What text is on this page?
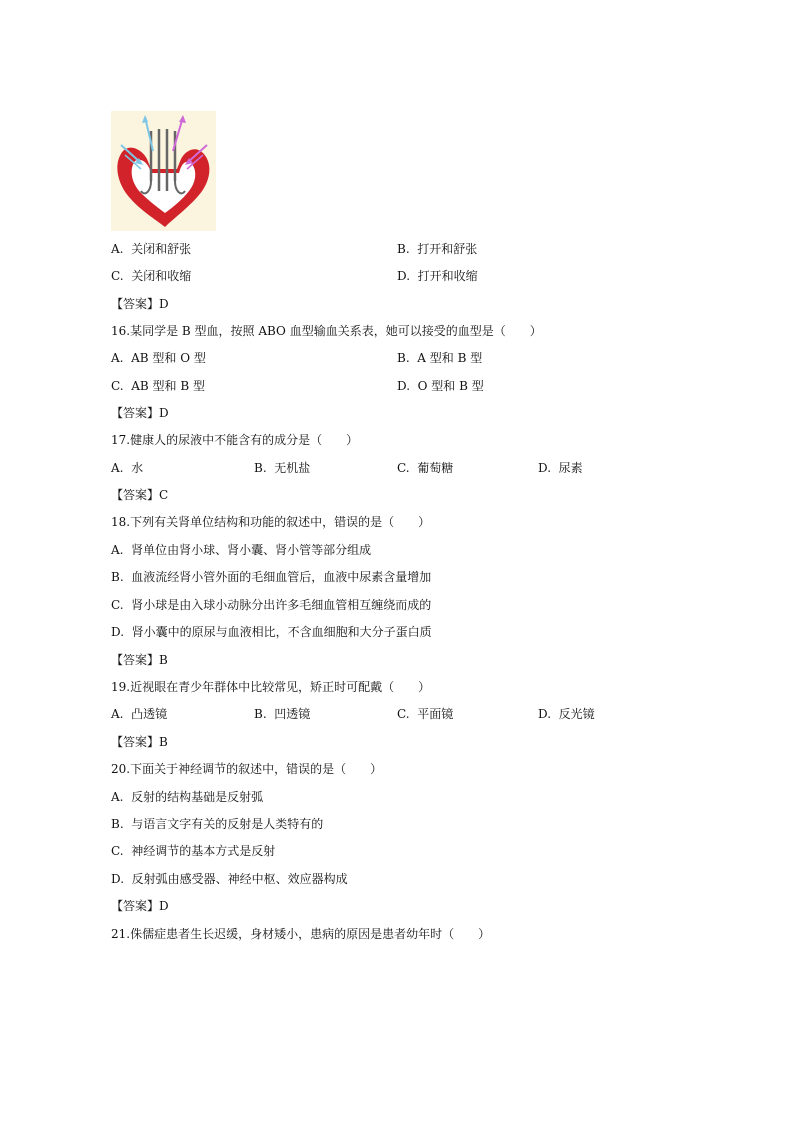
A. 关闭和舒张	B. 打开和舒张
C. 关闭和收缩	D. 打开和收缩
【答案】D
16.某同学是 B 型血，按照 ABO 血型输血关系表，她可以接受的血型是（　　）
A. AB 型和 O 型	B. A 型和 B 型
C. AB 型和 B 型	D. O 型和 B 型
【答案】D
17.健康人的尿液中不能含有的成分是（　　）
A. 水	B. 无机盐	C. 葡萄糖	D. 尿素
【答案】C
18.下列有关肾单位结构和功能的叙述中，错误的是（　　）
A. 肾单位由肾小球、肾小囊、肾小管等部分组成
B. 血液流经肾小管外面的毛细血管后，血液中尿素含量增加
C. 肾小球是由入球小动脉分出许多毛细血管相互缠绕而成的
D. 肾小囊中的原尿与血液相比，不含血细胞和大分子蛋白质
【答案】B
19.近视眼在青少年群体中比较常见，矫正时可配戴（　　）
A. 凸透镜	B. 凹透镜	C. 平面镜	D. 反光镜
【答案】B
20.下面关于神经调节的叙述中，错误的是（　　）
A. 反射的结构基础是反射弧
B. 与语言文字有关的反射是人类特有的
C. 神经调节的基本方式是反射
D. 反射弧由感受器、神经中枢、效应器构成
【答案】D
21.侏儒症患者生长迟缓，身材矮小，患病的原因是患者幼年时（　　）
